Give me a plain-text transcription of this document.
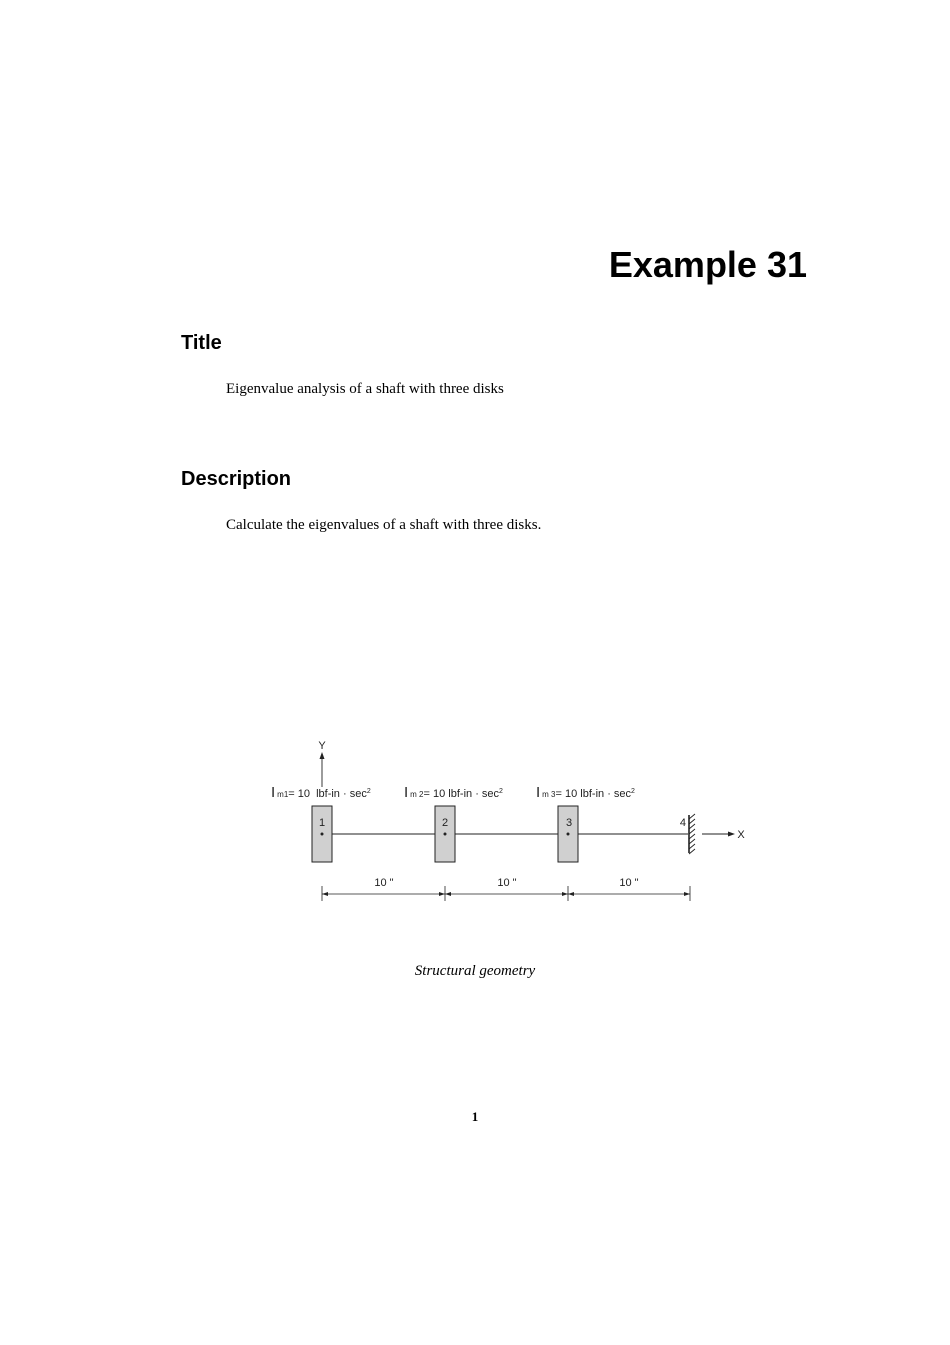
Example 31
Title

Eigenvalue analysis of a shaft with three disks

Description

Calculate the eigenvalues of a shaft with three disks.

Y
1	2	3	4
X
Im1= 10 $lbf-in \cdot \sec^2 Im$ 2= 10 $lbf-in \cdot \sec^2 Im$ 3= 10 $lbf-in \cdot \sec^2$
10 "	10 "	10 "

Structural geometry

1
